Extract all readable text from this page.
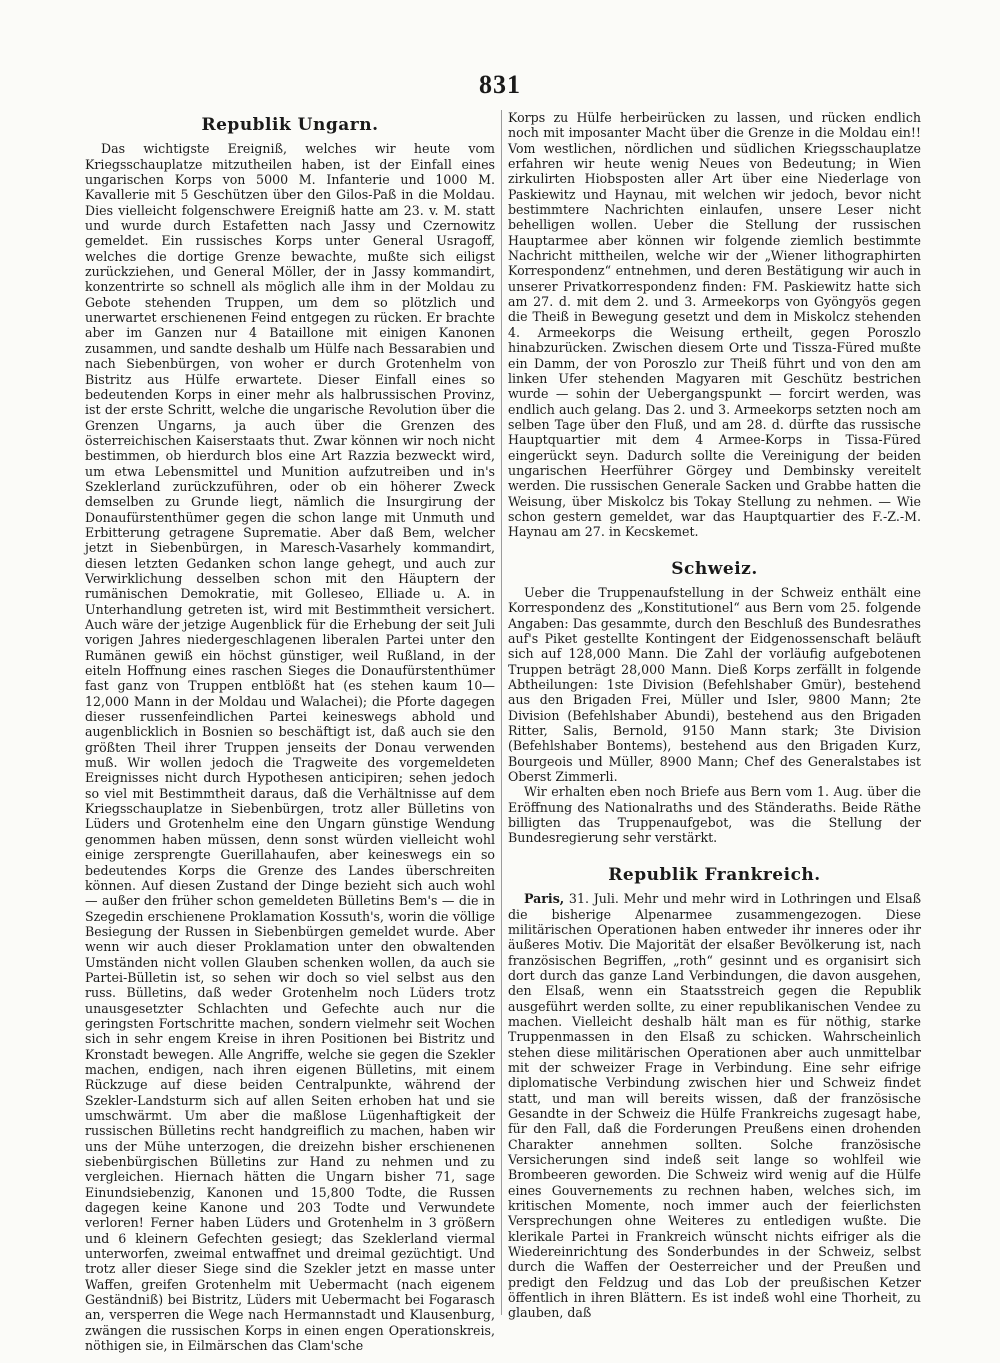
831
Republik Ungarn.

Das wichtigste Ereigniß, welches wir heute vom Kriegsschauplatze mitzutheilen haben, ist der Einfall eines ungarischen Korps von 5000 M. Infanterie und 1000 M. Kavallerie mit 5 Geschützen über den Gilos-Paß in die Moldau. Dies vielleicht folgenschwere Ereigniß hatte am 23. v. M. statt und wurde durch Estafetten nach Jassy und Czernowitz gemeldet. Ein russisches Korps unter General Usragoff, welches die dortige Grenze bewachte, mußte sich eiligst zurückziehen, und General Möller, der in Jassy kommandirt, konzentrirte so schnell als möglich alle ihm in der Moldau zu Gebote stehenden Truppen, um dem so plötzlich und unerwartet erschienenen Feind entgegen zu rücken. Er brachte aber im Ganzen nur 4 Bataillone mit einigen Kanonen zusammen, und sandte deshalb um Hülfe nach Bessarabien und nach Siebenbürgen, von woher er durch Grotenhelm von Bistritz aus Hülfe erwartete. Dieser Einfall eines so bedeutenden Korps in einer mehr als halbrussischen Provinz, ist der erste Schritt, welche die ungarische Revolution über die Grenzen Ungarns, ja auch über die Grenzen des österreichischen Kaiserstaats thut. Zwar können wir noch nicht bestimmen, ob hierdurch blos eine Art Razzia bezweckt wird, um etwa Lebensmittel und Munition aufzutreiben und in's Szeklerland zurückzuführen, oder ob ein höherer Zweck demselben zu Grunde liegt, nämlich die Insurgirung der Donaufürstenthümer gegen die schon lange mit Unmuth und Erbitterung getragene Suprematie. Aber daß Bem, welcher jetzt in Siebenbürgen, in Maresch-Vasarhely kommandirt, diesen letzten Gedanken schon lange gehegt, und auch zur Verwirklichung desselben schon mit den Häuptern der rumänischen Demokratie, mit Golleseo, Elliade u. A. in Unterhandlung getreten ist, wird mit Bestimmtheit versichert. Auch wäre der jetzige Augenblick für die Erhebung der seit Juli vorigen Jahres niedergeschlagenen liberalen Partei unter den Rumänen gewiß ein höchst günstiger, weil Rußland, in der eiteln Hoffnung eines raschen Sieges die Donaufürstenthümer fast ganz von Truppen entblößt hat (es stehen kaum 10—12,000 Mann in der Moldau und Walachei); die Pforte dagegen dieser russenfeindlichen Partei keineswegs abhold und augenblicklich in Bosnien so beschäftigt ist, daß auch sie den größten Theil ihrer Truppen jenseits der Donau verwenden muß. Wir wollen jedoch die Tragweite des vorgemeldeten Ereignisses nicht durch Hypothesen anticipiren; sehen jedoch so viel mit Bestimmtheit daraus, daß die Verhältnisse auf dem Kriegsschauplatze in Siebenbürgen, trotz aller Bülletins von Lüders und Grotenhelm eine den Ungarn günstige Wendung genommen haben müssen, denn sonst würden vielleicht wohl einige zersprengte Guerillahaufen, aber keineswegs ein so bedeutendes Korps die Grenze des Landes überschreiten können. Auf diesen Zustand der Dinge bezieht sich auch wohl — außer den früher schon gemeldeten Bülletins Bem's — die in Szegedin erschienene Proklamation Kossuth's, worin die völlige Besiegung der Russen in Siebenbürgen gemeldet wurde. Aber wenn wir auch dieser Proklamation unter den obwaltenden Umständen nicht vollen Glauben schenken wollen, da auch sie Partei-Bülletin ist, so sehen wir doch so viel selbst aus den russ. Bülletins, daß weder Grotenhelm noch Lüders trotz unausgesetzter Schlachten und Gefechte auch nur die geringsten Fortschritte machen, sondern vielmehr seit Wochen sich in sehr engem Kreise in ihren Positionen bei Bistritz und Kronstadt bewegen. Alle Angriffe, welche sie gegen die Szekler machen, endigen, nach ihren eigenen Bülletins, mit einem Rückzuge auf diese beiden Centralpunkte, während der Szekler-Landsturm sich auf allen Seiten erhoben hat und sie umschwärmt. Um aber die maßlose Lügenhaftigkeit der russischen Bülletins recht handgreiflich zu machen, haben wir uns der Mühe unterzogen, die dreizehn bisher erschienenen siebenbürgischen Bülletins zur Hand zu nehmen und zu vergleichen. Hiernach hätten die Ungarn bisher 71, sage Einundsiebenzig, Kanonen und 15,800 Todte, die Russen dagegen keine Kanone und 203 Todte und Verwundete verloren! Ferner haben Lüders und Grotenhelm in 3 größern und 6 kleinern Gefechten gesiegt; das Szeklerland viermal unterworfen, zweimal entwaffnet und dreimal gezüchtigt. Und trotz aller dieser Siege sind die Szekler jetzt en masse unter Waffen, greifen Grotenhelm mit Uebermacht (nach eigenem Geständniß) bei Bistritz, Lüders mit Uebermacht bei Fogarasch an, versperren die Wege nach Hermannstadt und Klausenburg, zwängen die russischen Korps in einen engen Operationskreis, nöthigen sie, in Eilmärschen das Clam'sche

Korps zu Hülfe herbeirücken zu lassen, und rücken endlich noch mit imposanter Macht über die Grenze in die Moldau ein!! Vom westlichen, nördlichen und südlichen Kriegsschauplatze erfahren wir heute wenig Neues von Bedeutung; in Wien zirkulirten Hiobsposten aller Art über eine Niederlage von Paskiewitz und Haynau, mit welchen wir jedoch, bevor nicht bestimmtere Nachrichten einlaufen, unsere Leser nicht behelligen wollen. Ueber die Stellung der russischen Hauptarmee aber können wir folgende ziemlich bestimmte Nachricht mittheilen, welche wir der „Wiener lithographirten Korrespondenz“ entnehmen, und deren Bestätigung wir auch in unserer Privatkorrespondenz finden: FM. Paskiewitz hatte sich am 27. d. mit dem 2. und 3. Armeekorps von Gyöngyös gegen die Theiß in Bewegung gesetzt und dem in Miskolcz stehenden 4. Armeekorps die Weisung ertheilt, gegen Poroszlo hinabzurücken. Zwischen diesem Orte und Tissza-Füred mußte ein Damm, der von Poroszlo zur Theiß führt und von den am linken Ufer stehenden Magyaren mit Geschütz bestrichen wurde — sohin der Uebergangspunkt — forcirt werden, was endlich auch gelang. Das 2. und 3. Armeekorps setzten noch am selben Tage über den Fluß, und am 28. d. dürfte das russische Hauptquartier mit dem 4 Armee-Korps in Tissa-Füred eingerückt seyn. Dadurch sollte die Vereinigung der beiden ungarischen Heerführer Görgey und Dembinsky vereitelt werden. Die russischen Generale Sacken und Grabbe hatten die Weisung, über Miskolcz bis Tokay Stellung zu nehmen. — Wie schon gestern gemeldet, war das Hauptquartier des F.-Z.-M. Haynau am 27. in Kecskemet.

Schweiz.

Ueber die Truppenaufstellung in der Schweiz enthält eine Korrespondenz des „Konstitutionel“ aus Bern vom 25. folgende Angaben: Das gesammte, durch den Beschluß des Bundesrathes auf's Piket gestellte Kontingent der Eidgenossenschaft beläuft sich auf 128,000 Mann. Die Zahl der vorläufig aufgebotenen Truppen beträgt 28,000 Mann. Dieß Korps zerfällt in folgende Abtheilungen: 1ste Division (Befehlshaber Gmür), bestehend aus den Brigaden Frei, Müller und Isler, 9800 Mann; 2te Division (Befehlshaber Abundi), bestehend aus den Brigaden Ritter, Salis, Bernold, 9150 Mann stark; 3te Division (Befehlshaber Bontems), bestehend aus den Brigaden Kurz, Bourgeois und Müller, 8900 Mann; Chef des Generalstabes ist Oberst Zimmerli.

Wir erhalten eben noch Briefe aus Bern vom 1. Aug. über die Eröffnung des Nationalraths und des Ständeraths. Beide Räthe billigten das Truppenaufgebot, was die Stellung der Bundesregierung sehr verstärkt.

Republik Frankreich.

Paris, 31. Juli. Mehr und mehr wird in Lothringen und Elsaß die bisherige Alpenarmee zusammengezogen. Diese militärischen Operationen haben entweder ihr inneres oder ihr äußeres Motiv. Die Majorität der elsaßer Bevölkerung ist, nach französischen Begriffen, „roth“ gesinnt und es organisirt sich dort durch das ganze Land Verbindungen, die davon ausgehen, den Elsaß, wenn ein Staatsstreich gegen die Republik ausgeführt werden sollte, zu einer republikanischen Vendee zu machen. Vielleicht deshalb hält man es für nöthig, starke Truppenmassen in den Elsaß zu schicken. Wahrscheinlich stehen diese militärischen Operationen aber auch unmittelbar mit der schweizer Frage in Verbindung. Eine sehr eifrige diplomatische Verbindung zwischen hier und Schweiz findet statt, und man will bereits wissen, daß der französische Gesandte in der Schweiz die Hülfe Frankreichs zugesagt habe, für den Fall, daß die Forderungen Preußens einen drohenden Charakter annehmen sollten. Solche französische Versicherungen sind indeß seit lange so wohlfeil wie Brombeeren geworden. Die Schweiz wird wenig auf die Hülfe eines Gouvernements zu rechnen haben, welches sich, im kritischen Momente, noch immer auch der feierlichsten Versprechungen ohne Weiteres zu entledigen wußte. Die klerikale Partei in Frankreich wünscht nichts eifriger als die Wiedereinrichtung des Sonderbundes in der Schweiz, selbst durch die Waffen der Oesterreicher und der Preußen und predigt den Feldzug und das Lob der preußischen Ketzer öffentlich in ihren Blättern. Es ist indeß wohl eine Thorheit, zu glauben, daß
